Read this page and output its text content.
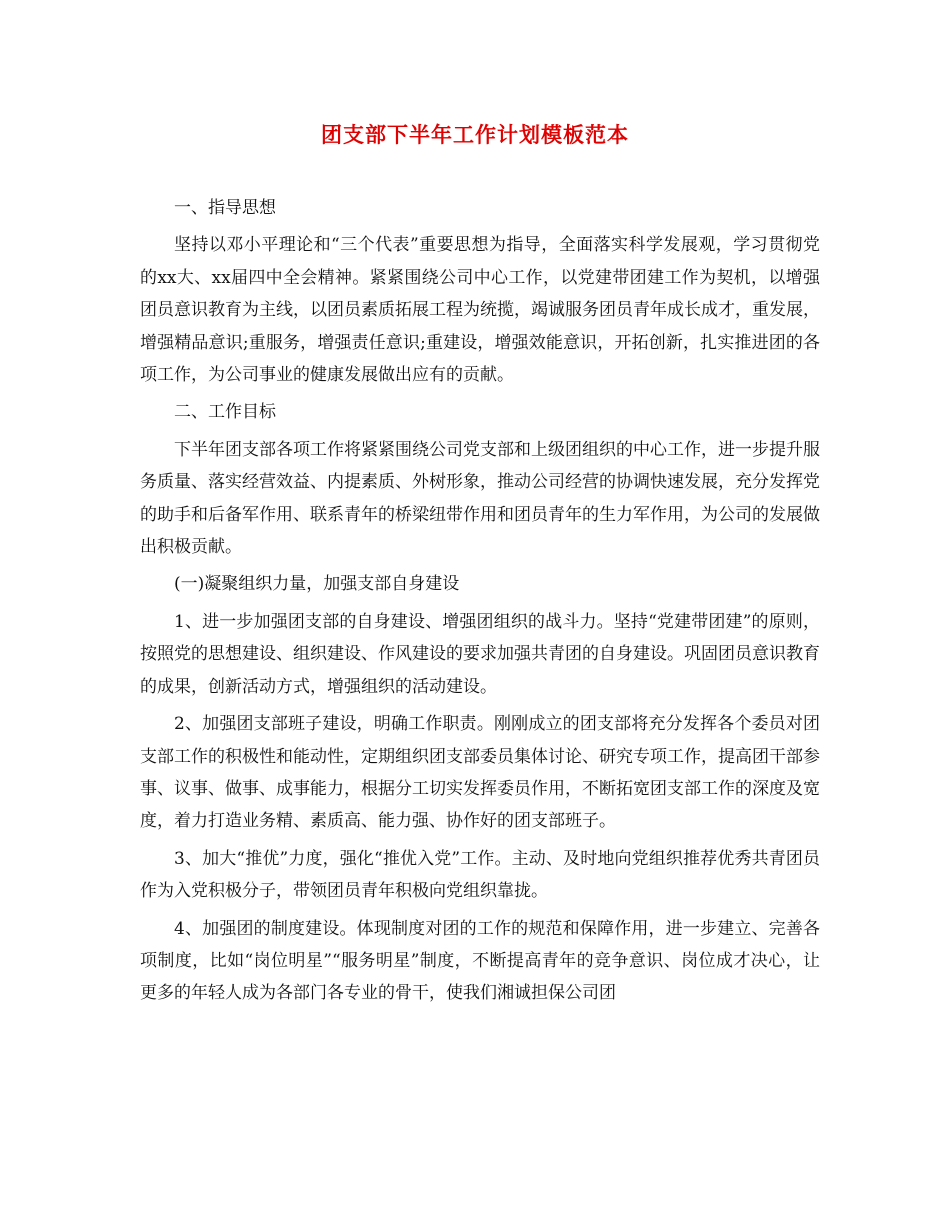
团支部下半年工作计划模板范本

一、指导思想

坚持以邓小平理论和“三个代表”重要思想为指导，全面落实科学发展观，学习贯彻党的xx大、xx届四中全会精神。紧紧围绕公司中心工作，以党建带团建工作为契机，以增强团员意识教育为主线，以团员素质拓展工程为统揽，竭诚服务团员青年成长成才，重发展，增强精品意识;重服务，增强责任意识;重建设，增强效能意识，开拓创新，扎实推进团的各项工作，为公司事业的健康发展做出应有的贡献。

二、工作目标

下半年团支部各项工作将紧紧围绕公司党支部和上级团组织的中心工作，进一步提升服务质量、落实经营效益、内提素质、外树形象，推动公司经营的协调快速发展，充分发挥党的助手和后备军作用、联系青年的桥梁纽带作用和团员青年的生力军作用，为公司的发展做出积极贡献。

(一)凝聚组织力量，加强支部自身建设

1、进一步加强团支部的自身建设、增强团组织的战斗力。坚持“党建带团建”的原则，按照党的思想建设、组织建设、作风建设的要求加强共青团的自身建设。巩固团员意识教育的成果，创新活动方式，增强组织的活动建设。

2、加强团支部班子建设，明确工作职责。刚刚成立的团支部将充分发挥各个委员对团支部工作的积极性和能动性，定期组织团支部委员集体讨论、研究专项工作，提高团干部参事、议事、做事、成事能力，根据分工切实发挥委员作用，不断拓宽团支部工作的深度及宽度，着力打造业务精、素质高、能力强、协作好的团支部班子。

3、加大“推优”力度，强化“推优入党”工作。主动、及时地向党组织推荐优秀共青团员作为入党积极分子，带领团员青年积极向党组织靠拢。

4、加强团的制度建设。体现制度对团的工作的规范和保障作用，进一步建立、完善各项制度，比如“岗位明星”“服务明星”制度，不断提高青年的竞争意识、岗位成才决心，让更多的年轻人成为各部门各专业的骨干，使我们湘诚担保公司团
